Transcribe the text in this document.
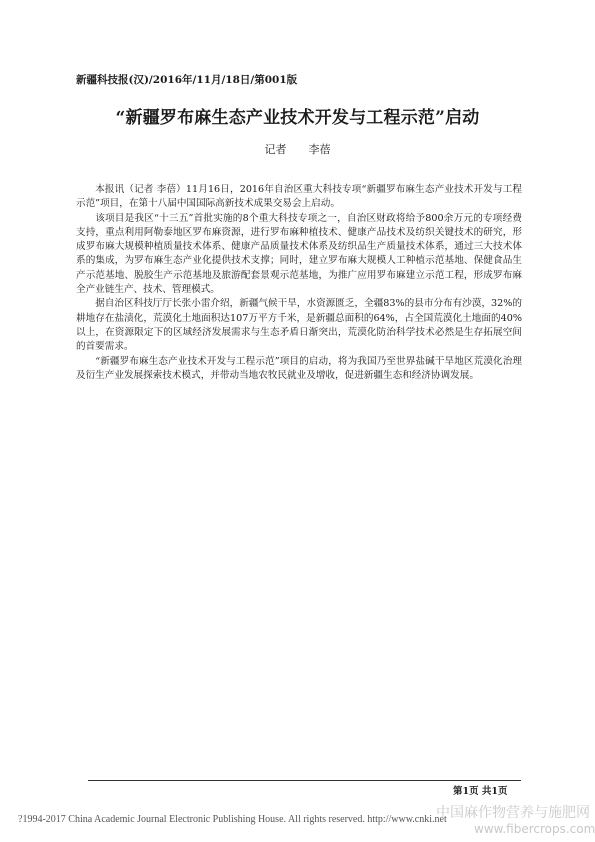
新疆科技报(汉)/2016年/11月/18日/第001版
“新疆罗布麻生态产业技术开发与工程示范”启动
记者 李蓓

本报讯（记者 李蓓）11月16日，2016年自治区重大科技专项“新疆罗布麻生态产业技术开发与工程示范”项目，在第十八届中国国际高新技术成果交易会上启动。

该项目是我区“十三五”首批实施的8个重大科技专项之一，自治区财政将给予800余万元的专项经费支持，重点利用阿勒泰地区罗布麻资源，进行罗布麻种植技术、健康产品技术及纺织关键技术的研究，形成罗布麻大规模种植质量技术体系、健康产品质量技术体系及纺织品生产质量技术体系，通过三大技术体系的集成，为罗布麻生态产业化提供技术支撑；同时，建立罗布麻大规模人工种植示范基地、保健食品生产示范基地、脱胶生产示范基地及旅游配套景观示范基地，为推广应用罗布麻建立示范工程，形成罗布麻全产业链生产、技术、管理模式。

据自治区科技厅厅长张小雷介绍，新疆气候干旱，水资源匮乏，全疆83%的县市分布有沙漠，32%的耕地存在盐渍化，荒漠化土地面积达107万平方千米，是新疆总面积的64%，占全国荒漠化土地面的40%以上，在资源限定下的区域经济发展需求与生态矛盾日渐突出，荒漠化防治科学技术必然是生存拓展空间的首要需求。

“新疆罗布麻生态产业技术开发与工程示范”项目的启动，将为我国乃至世界盐碱干旱地区荒漠化治理及衍生产业发展探索技术模式，并带动当地农牧民就业及增收，促进新疆生态和经济协调发展。

第1页 共1页
?1994-2017 China Academic Journal Electronic Publishing House. All rights reserved. http://www.cnki.net
中国麻作物营养与施肥网
www.fibercrops.com
